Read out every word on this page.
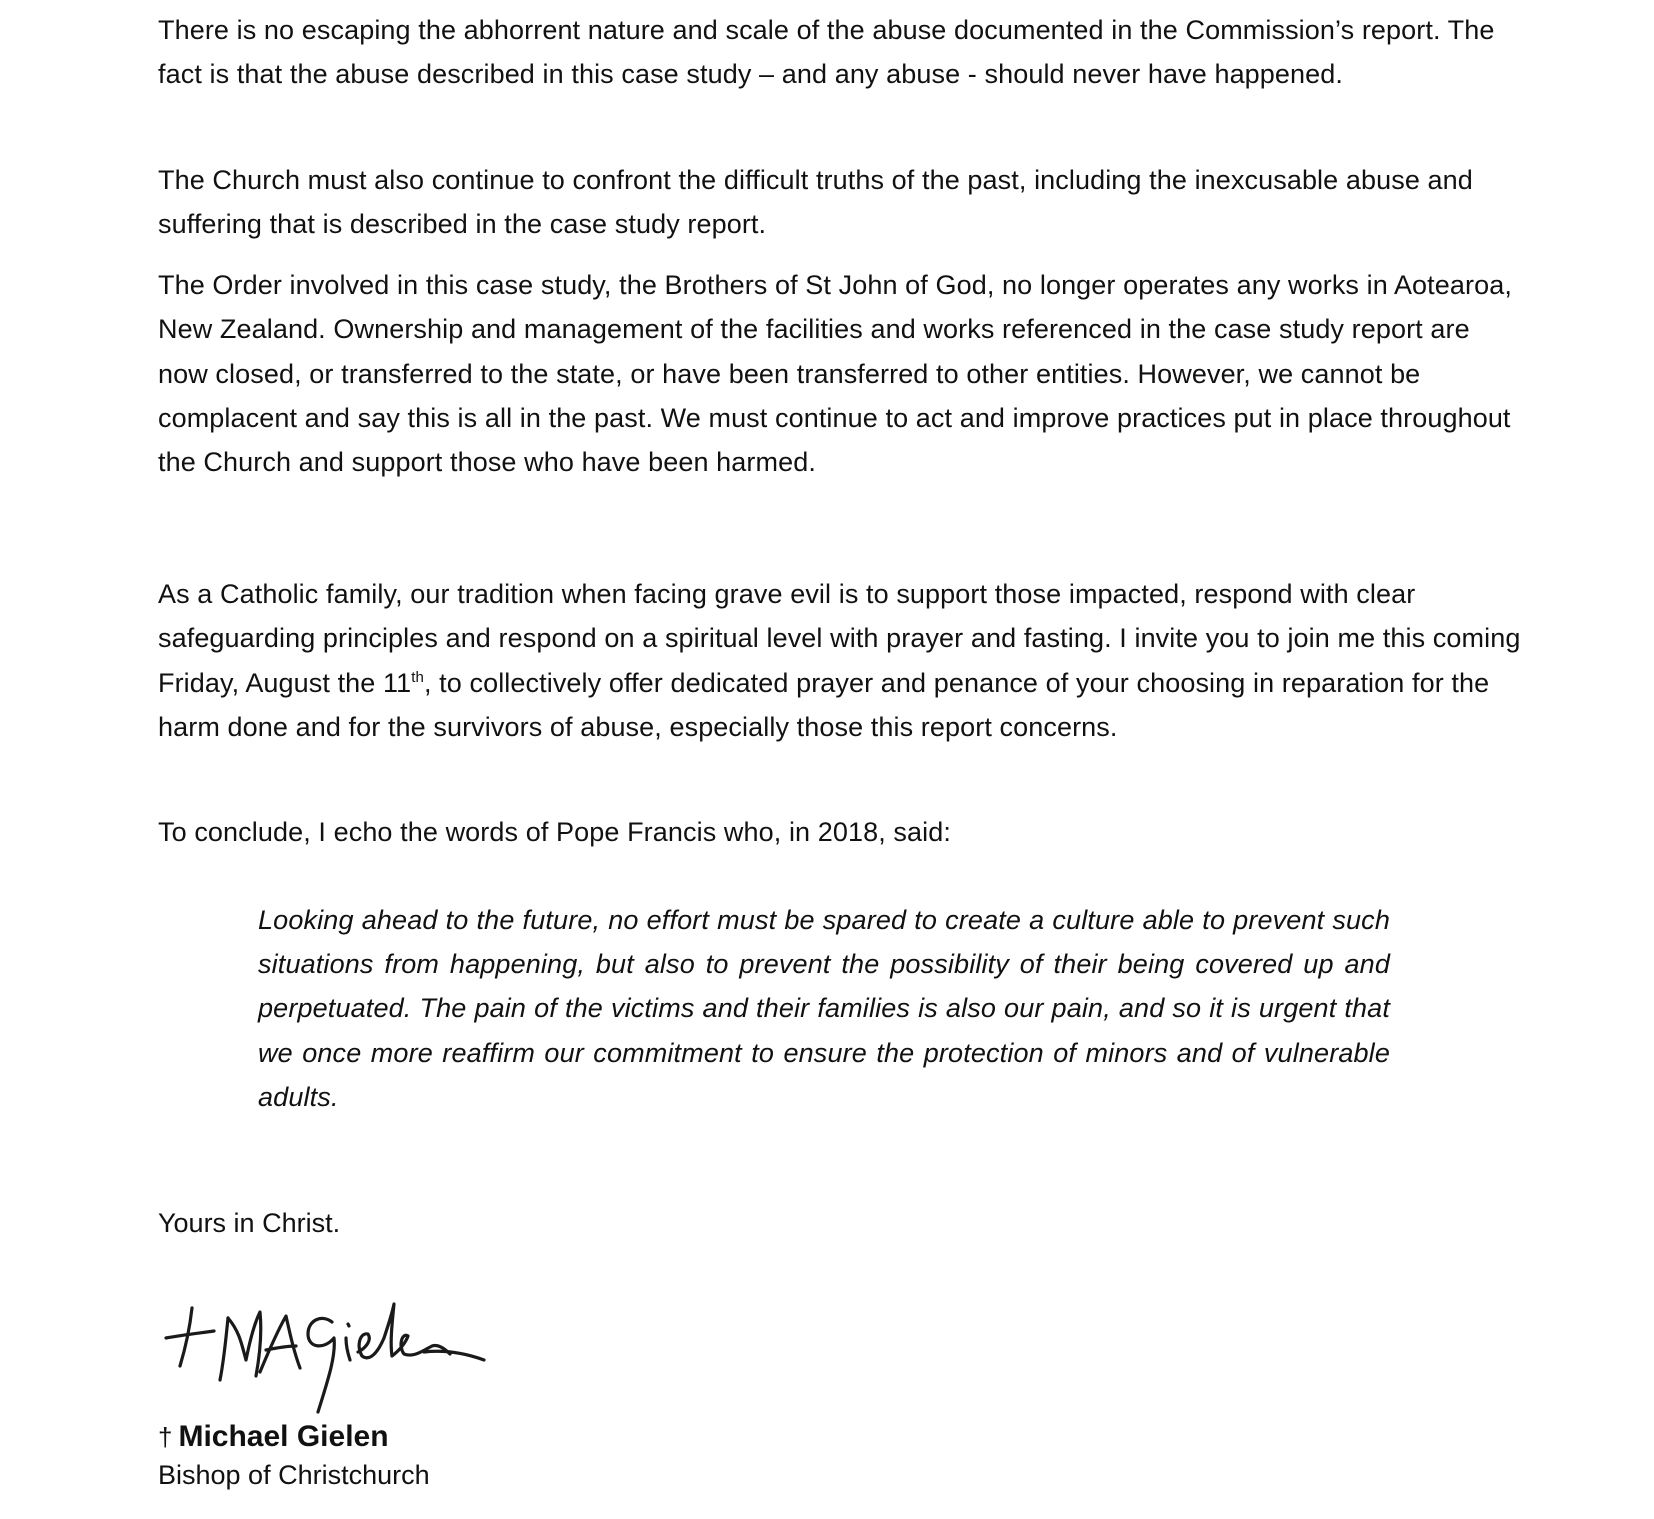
There is no escaping the abhorrent nature and scale of the abuse documented in the Commission’s report. The fact is that the abuse described in this case study – and any abuse - should never have happened.

The Church must also continue to confront the difficult truths of the past, including the inexcusable abuse and suffering that is described in the case study report.

The Order involved in this case study, the Brothers of St John of God, no longer operates any works in Aotearoa, New Zealand. Ownership and management of the facilities and works referenced in the case study report are now closed, or transferred to the state, or have been transferred to other entities. However, we cannot be complacent and say this is all in the past. We must continue to act and improve practices put in place throughout the Church and support those who have been harmed.

As a Catholic family, our tradition when facing grave evil is to support those impacted, respond with clear safeguarding principles and respond on a spiritual level with prayer and fasting. I invite you to join me this coming Friday, August the 11th, to collectively offer dedicated prayer and penance of your choosing in reparation for the harm done and for the survivors of abuse, especially those this report concerns.

To conclude, I echo the words of Pope Francis who, in 2018, said:

Looking ahead to the future, no effort must be spared to create a culture able to prevent such situations from happening, but also to prevent the possibility of their being covered up and perpetuated. The pain of the victims and their families is also our pain, and so it is urgent that we once more reaffirm our commitment to ensure the protection of minors and of vulnerable adults.

Yours in Christ.

† Michael Gielen

Bishop of Christchurch
